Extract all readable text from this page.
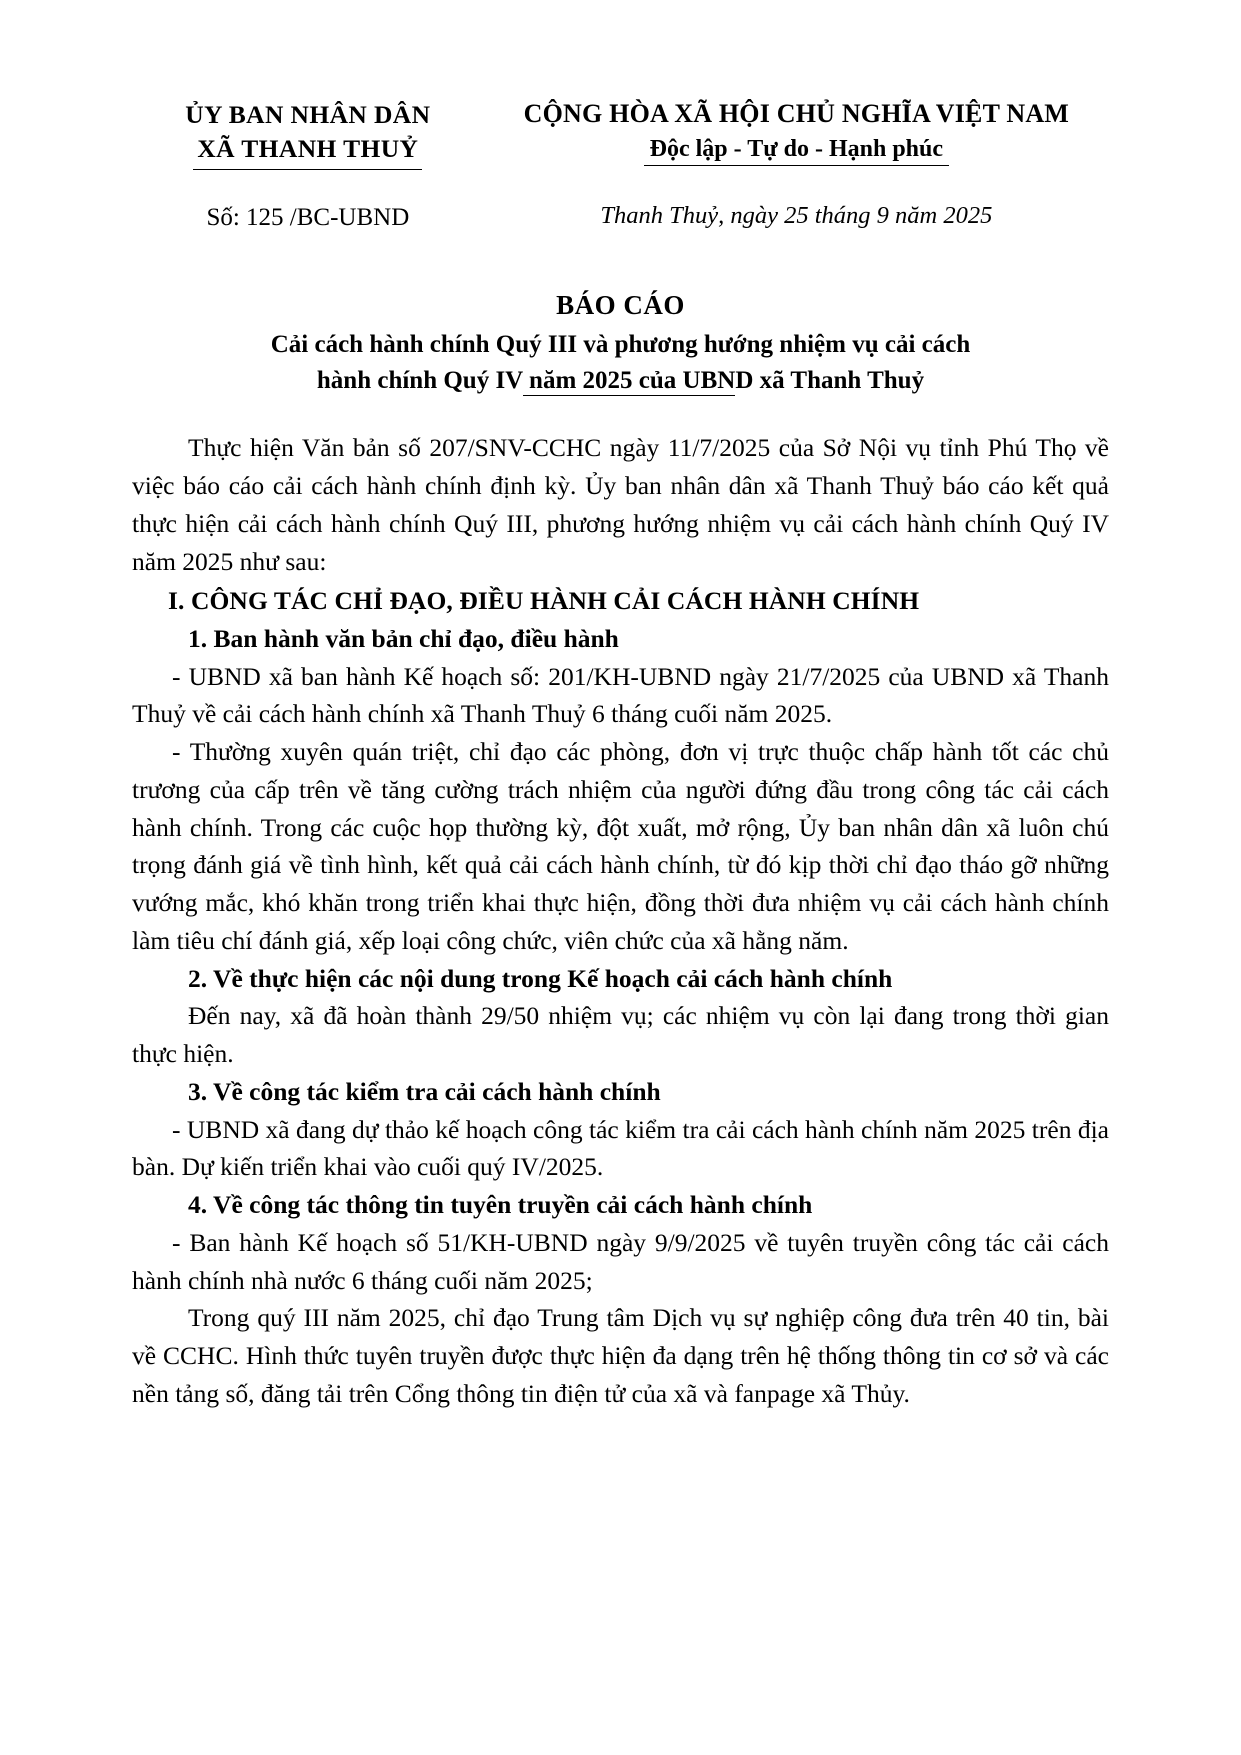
ỦY BAN NHÂN DÂN
XÃ THANH THUỶ
Số: 125 /BC-UBND
CỘNG HÒA XÃ HỘI CHỦ NGHĨA VIỆT NAM
Độc lập - Tự do - Hạnh phúc
Thanh Thuỷ, ngày 25 tháng 9 năm 2025
BÁO CÁO
Cải cách hành chính Quý III và phương hướng nhiệm vụ cải cách
hành chính Quý IV năm 2025 của UBND xã Thanh Thuỷ

Thực hiện Văn bản số 207/SNV-CCHC ngày 11/7/2025 của Sở Nội vụ tỉnh Phú Thọ về việc báo cáo cải cách hành chính định kỳ. Ủy ban nhân dân xã Thanh Thuỷ báo cáo kết quả thực hiện cải cách hành chính Quý III, phương hướng nhiệm vụ cải cách hành chính Quý IV năm 2025 như sau:

I. CÔNG TÁC CHỈ ĐẠO, ĐIỀU HÀNH CẢI CÁCH HÀNH CHÍNH
1. Ban hành văn bản chỉ đạo, điều hành

- UBND xã ban hành Kế hoạch số: 201/KH-UBND ngày 21/7/2025 của UBND xã Thanh Thuỷ về cải cách hành chính xã Thanh Thuỷ 6 tháng cuối năm 2025.

- Thường xuyên quán triệt, chỉ đạo các phòng, đơn vị trực thuộc chấp hành tốt các chủ trương của cấp trên về tăng cường trách nhiệm của người đứng đầu trong công tác cải cách hành chính. Trong các cuộc họp thường kỳ, đột xuất, mở rộng, Ủy ban nhân dân xã luôn chú trọng đánh giá về tình hình, kết quả cải cách hành chính, từ đó kịp thời chỉ đạo tháo gỡ những vướng mắc, khó khăn trong triển khai thực hiện, đồng thời đưa nhiệm vụ cải cách hành chính làm tiêu chí đánh giá, xếp loại công chức, viên chức của xã hằng năm.

2. Về thực hiện các nội dung trong Kế hoạch cải cách hành chính

Đến nay, xã đã hoàn thành 29/50 nhiệm vụ; các nhiệm vụ còn lại đang trong thời gian thực hiện.

3. Về công tác kiểm tra cải cách hành chính

- UBND xã đang dự thảo kế hoạch công tác kiểm tra cải cách hành chính năm 2025 trên địa bàn. Dự kiến triển khai vào cuối quý IV/2025.

4. Về công tác thông tin tuyên truyền cải cách hành chính

- Ban hành Kế hoạch số 51/KH-UBND ngày 9/9/2025 về tuyên truyền công tác cải cách hành chính nhà nước 6 tháng cuối năm 2025;

Trong quý III năm 2025, chỉ đạo Trung tâm Dịch vụ sự nghiệp công đưa trên 40 tin, bài về CCHC. Hình thức tuyên truyền được thực hiện đa dạng trên hệ thống thông tin cơ sở và các nền tảng số, đăng tải trên Cổng thông tin điện tử của xã và fanpage xã Thủy.
